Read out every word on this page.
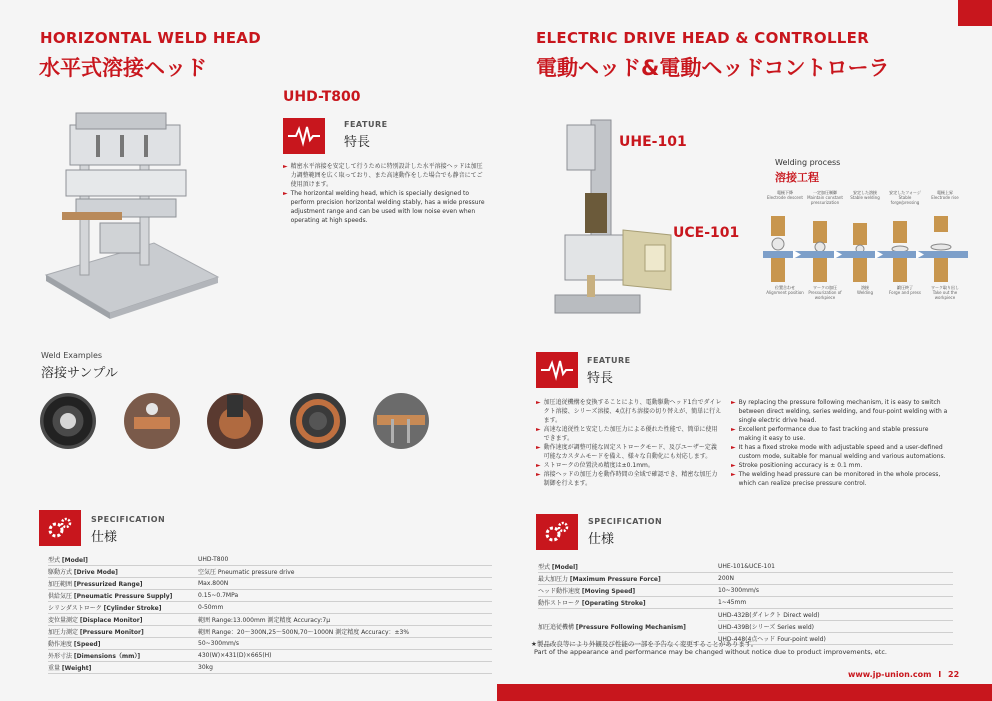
HORIZONTAL WELD HEAD
水平式溶接ヘッド
UHD-T800
FEATURE
特長
► 精密水平溶接を安定して行うために特別設計した水平溶接ヘッドは加圧力調整範囲を広く取っており、また高速動作をした場合でも静音にてご使用頂けます。
► The horizontal welding head, which is specially designed to perform precision horizontal welding stably, has a wide pressure adjustment range and can be used with low noise even when operating at high speeds.
Weld Examples
溶接サンプル
SPECIFICATION
仕様
型式 [Model]	UHD-T800
駆動方式 [Drive Mode]	空気圧 Pneumatic pressure drive
加圧範囲 [Pressurized Range]	Max.800N
供給気圧 [Pneumatic Pressure Supply]	0.15~0.7MPa
シリンダストローク [Cylinder Stroke]	0-50mm
変位量測定 [Displace Monitor]	範囲 Range:13.000mm 測定精度 Accuracy:7μ
加圧力測定 [Pressure Monitor]	範囲 Range：20～300N,25～500N,70～1000N 測定精度 Accuracy：±3%
動作速度 [Speed]	50~300mm/s
外形寸法 [Dimensions（mm）]	430(W)×431(D)×665(H)
重量 [Weight]	30kg
ELECTRIC DRIVE HEAD & CONTROLLER
電動ヘッド&電動ヘッドコントローラ
UHE-101
UCE-101
Welding process
溶接工程
電極下降
Electrode descent
一定加圧制御
Maintain constant pressurization
安定した溶接
Stable welding
安定したフォージ
Stable forge/pressing
電極上昇
Electrode rise
位置合わせ
Alignment position
ワークの加圧
Pressurization of workpiece
溶接
Welding
鍛圧終了
Forge and press
ワーク取り出し
Take out the workpiece
FEATURE
特長
► 加圧追従機構を変換することにより、電動駆動ヘッド1台でダイレクト溶接、シリーズ溶接、4点打ち溶接の切り替えが、簡単に行えます。
► 高速な追従性と安定した加圧力による優れた性能で、簡単に使用できます。
► 動作速度が調整可能な固定ストロークモード、及びユーザー定義可能なカスタムモードを備え、様々な自動化にも対応します。
► ストロークの位置決め精度は±0.1mm。
► 溶接ヘッドの加圧力を動作時間の全域で確認でき、精密な加圧力制御を行えます。
► By replacing the pressure following mechanism, it is easy to switch between direct welding, series welding, and four-point welding with a single electric drive head.
► Excellent performance due to fast tracking and stable pressure making it easy to use.
► It has a fixed stroke mode with adjustable speed and a user-defined custom mode, suitable for manual welding and various automations.
► Stroke positioning accuracy is ± 0.1 mm.
► The welding head pressure can be monitored in the whole process, which can realize precise pressure control.
SPECIFICATION
仕様
型式 [Model]	UHE-101&UCE-101
最大加圧力 [Maximum Pressure Force]	200N
ヘッド動作速度 [Moving Speed]	10~300mm/s
動作ストローク [Operating Stroke]	1~45mm
加圧追従機構 [Pressure Following Mechanism]	UHD-432B(ダイレクト Direct weld)
	UHD-439B(シリーズ Series weld)
	UHD-448(4点ヘッド Four-point weld)
★製品改良等により外観及び性能の一部を予告なく変更することがあります。
Part of the appearance and performance may be changed without notice due to product improvements, etc.
www.jp-union.com I 22
